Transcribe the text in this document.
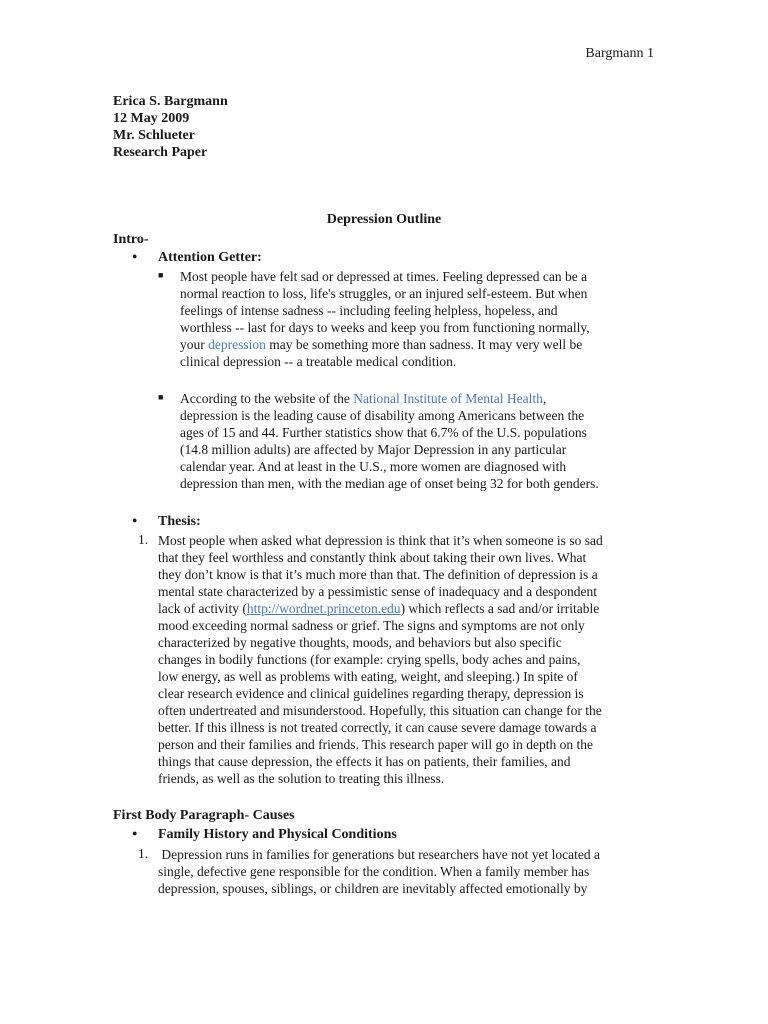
Bargmann 1
Erica S. Bargmann
12 May 2009
Mr. Schlueter
Research Paper
Depression Outline
Intro-
● Attention Getter:
■ Most people have felt sad or depressed at times. Feeling depressed can be a
normal reaction to loss, life's struggles, or an injured self-esteem. But when
feelings of intense sadness -- including feeling helpless, hopeless, and
worthless -- last for days to weeks and keep you from functioning normally,
your depression may be something more than sadness. It may very well be
clinical depression -- a treatable medical condition.
■ According to the website of the National Institute of Mental Health,
depression is the leading cause of disability among Americans between the
ages of 15 and 44. Further statistics show that 6.7% of the U.S. populations
(14.8 million adults) are affected by Major Depression in any particular
calendar year. And at least in the U.S., more women are diagnosed with
depression than men, with the median age of onset being 32 for both genders.
● Thesis:
1. Most people when asked what depression is think that it’s when someone is so sad
that they feel worthless and constantly think about taking their own lives. What
they don’t know is that it’s much more than that. The definition of depression is a
mental state characterized by a pessimistic sense of inadequacy and a despondent
lack of activity (http://wordnet.princeton.edu) which reflects a sad and/or irritable
mood exceeding normal sadness or grief. The signs and symptoms are not only
characterized by negative thoughts, moods, and behaviors but also specific
changes in bodily functions (for example: crying spells, body aches and pains,
low energy, as well as problems with eating, weight, and sleeping.) In spite of
clear research evidence and clinical guidelines regarding therapy, depression is
often undertreated and misunderstood. Hopefully, this situation can change for the
better. If this illness is not treated correctly, it can cause severe damage towards a
person and their families and friends. This research paper will go in depth on the
things that cause depression, the effects it has on patients, their families, and
friends, as well as the solution to treating this illness.
First Body Paragraph- Causes
● Family History and Physical Conditions
1. Depression runs in families for generations but researchers have not yet located a
single, defective gene responsible for the condition. When a family member has
depression, spouses, siblings, or children are inevitably affected emotionally by
